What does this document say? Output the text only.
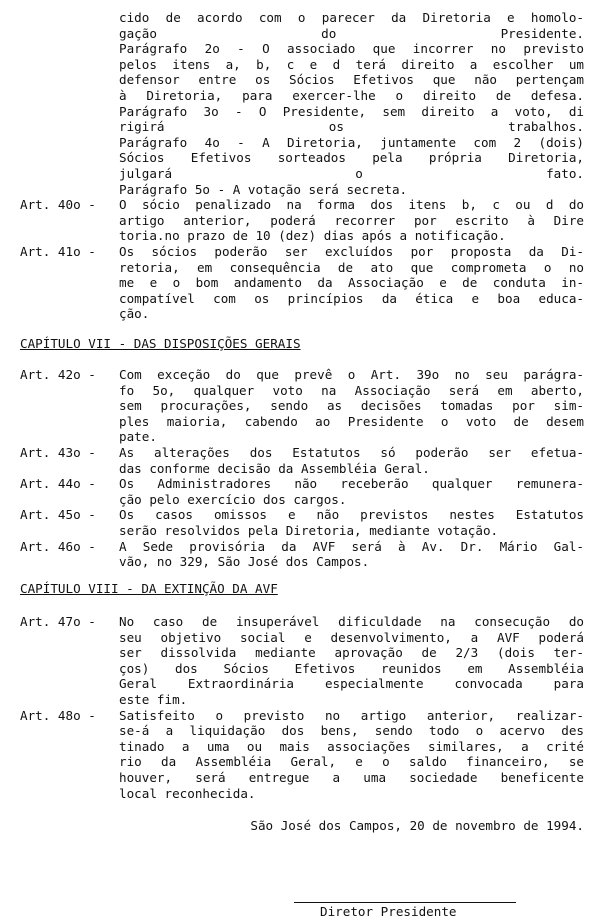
cido de acordo com o parecer da Diretoria e homolo-
gação do Presidente.
Parágrafo 2o - O associado que incorrer no previsto
pelos itens a, b, c e d terá direito a escolher um
defensor entre os Sócios Efetivos que não pertençam
à Diretoria, para exercer-lhe o direito de defesa.
Parágrafo 3o - O Presidente, sem direito a voto, di
rigirá os trabalhos.
Parágrafo 4o - A Diretoria, juntamente com 2 (dois)
Sócios Efetivos sorteados pela própria Diretoria,
julgará o fato.
Parágrafo 5o - A votação será secreta.
Art. 40o - O sócio penalizado na forma dos itens b, c ou d do
artigo anterior, poderá recorrer por escrito à Dire
toria.no prazo de 10 (dez) dias após a notificação.
Art. 41o - Os sócios poderão ser excluídos por proposta da Di-
retoria, em consequência de ato que comprometa o no
me e o bom andamento da Associação e de conduta in-
compatível com os princípios da ética e boa educa-
ção.
CAPÍTULO VII - DAS DISPOSIÇÕES GERAIS
Art. 42o - Com exceção do que prevê o Art. 39o no seu parágra-
fo 5o, qualquer voto na Associação será em aberto,
sem procurações, sendo as decisões tomadas por sim-
ples maioria, cabendo ao Presidente o voto de desem
pate.
Art. 43o - As alterações dos Estatutos só poderão ser efetua-
das conforme decisão da Assembléia Geral.
Art. 44o - Os Administradores não receberão qualquer remunera-
ção pelo exercício dos cargos.
Art. 45o - Os casos omissos e não previstos nestes Estatutos
serão resolvidos pela Diretoria, mediante votação.
Art. 46o - A Sede provisória da AVF será à Av. Dr. Mário Gal-
vão, no 329, São José dos Campos.
CAPÍTULO VIII - DA EXTINÇÃO DA AVF
Art. 47o - No caso de insuperável dificuldade na consecução do
seu objetivo social e desenvolvimento, a AVF poderá
ser dissolvida mediante aprovação de 2/3 (dois ter-
ços) dos Sócios Efetivos reunidos em Assembléia
Geral Extraordinária especialmente convocada para
este fim.
Art. 48o - Satisfeito o previsto no artigo anterior, realizar-
se-á a liquidação dos bens, sendo todo o acervo des
tinado a uma ou mais associações similares, a crité
rio da Assembléia Geral, e o saldo financeiro, se
houver, será entregue a uma sociedade beneficente
local reconhecida.
São José dos Campos, 20 de novembro de 1994.
Diretor Presidente
